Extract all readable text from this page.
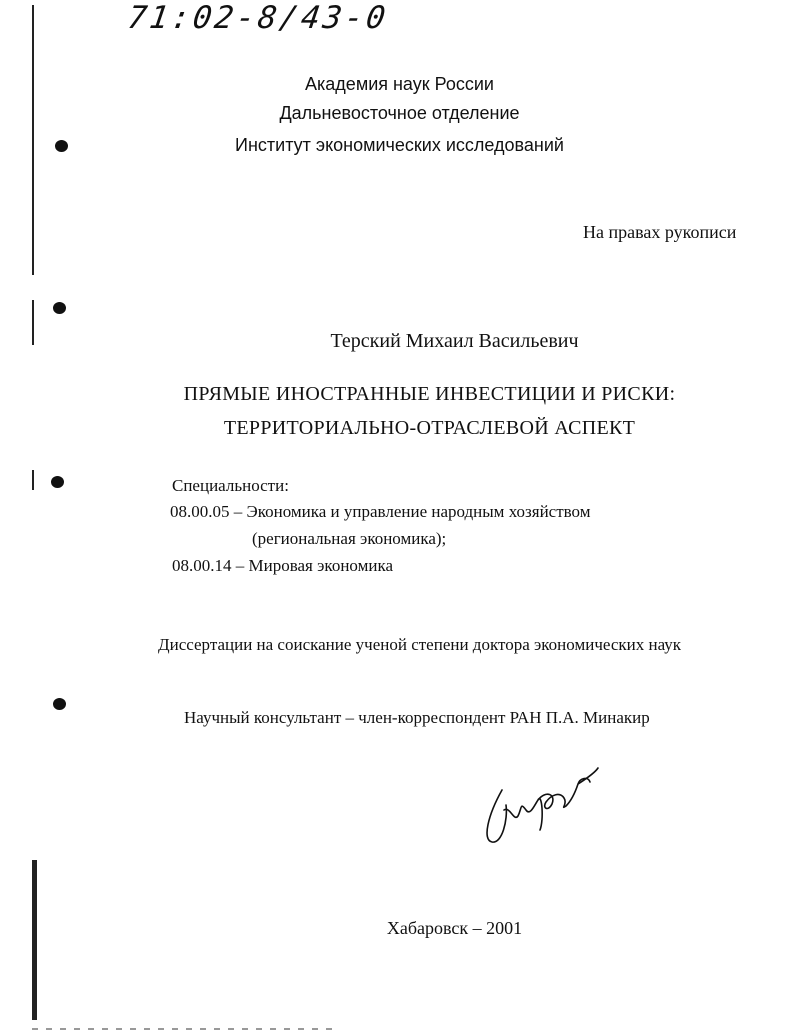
71:02-8/43-0
Академия наук России
Дальневосточное отделение
Институт экономических исследований
На правах рукописи
Терский Михаил Васильевич
ПРЯМЫЕ ИНОСТРАННЫЕ ИНВЕСТИЦИИ И РИСКИ:
ТЕРРИТОРИАЛЬНО-ОТРАСЛЕВОЙ АСПЕКТ
Специальности:
08.00.05 – Экономика и управление народным хозяйством
(региональная экономика);
08.00.14 – Мировая экономика
Диссертации на соискание ученой степени доктора экономических наук
Научный консультант – член-корреспондент РАН П.А. Минакир
Хабаровск – 2001
